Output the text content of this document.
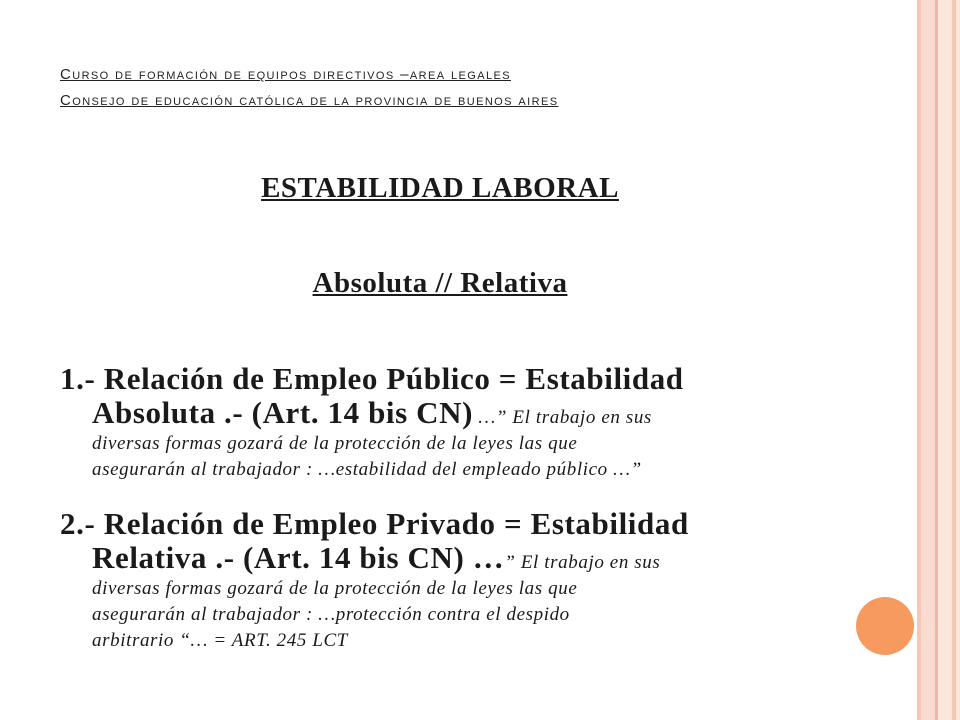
Curso de formación de equipos directivos –area legales
Consejo de educación católica de la provincia de buenos aires
ESTABILIDAD LABORAL
Absoluta // Relativa
1.- Relación de Empleo Público = Estabilidad
Absoluta .- (Art. 14 bis CN) …” El trabajo en sus
diversas formas gozará de la protección de la leyes las que
asegurarán al trabajador : …estabilidad del empleado público …”
2.- Relación de Empleo Privado = Estabilidad
Relativa .- (Art. 14 bis CN) …” El trabajo en sus
diversas formas gozará de la protección de la leyes las que
asegurarán al trabajador : …protección contra el despido
arbitrario “… = ART. 245 LCT
